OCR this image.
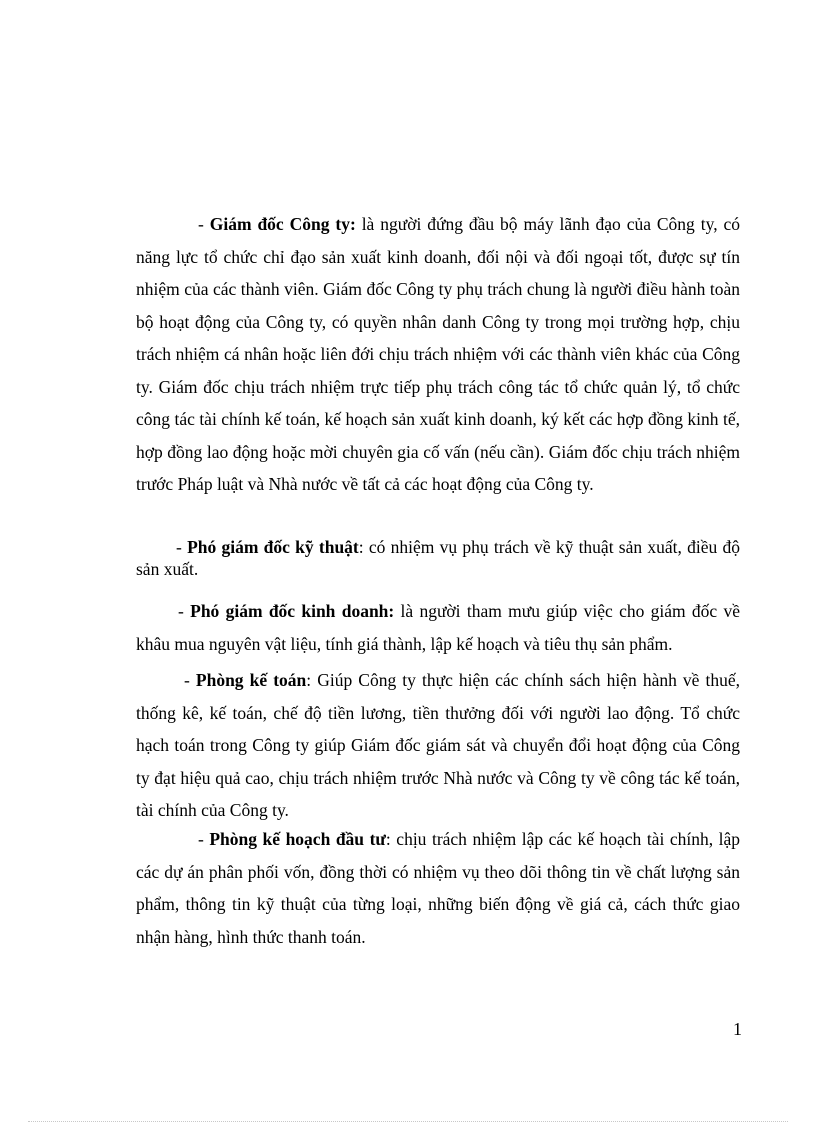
- Giám đốc Công ty: là người đứng đầu bộ máy lãnh đạo của Công ty, có năng lực tổ chức chỉ đạo sản xuất kinh doanh, đối nội và đối ngoại tốt, được sự tín nhiệm của các thành viên. Giám đốc Công ty phụ trách chung là người điều hành toàn bộ hoạt động của Công ty, có quyền nhân danh Công ty trong mọi trường hợp, chịu trách nhiệm cá nhân hoặc liên đới chịu trách nhiệm với các thành viên khác của Công ty. Giám đốc chịu trách nhiệm trực tiếp phụ trách công tác tổ chức quản lý, tổ chức công tác tài chính kế toán, kế hoạch sản xuất kinh doanh, ký kết các hợp đồng kinh tế, hợp đồng lao động hoặc mời chuyên gia cố vấn (nếu cần). Giám đốc chịu trách nhiệm trước Pháp luật và Nhà nước về tất cả các hoạt động của Công ty.

- Phó giám đốc kỹ thuật: có nhiệm vụ phụ trách về kỹ thuật sản xuất, điều độ sản xuất.

- Phó giám đốc kinh doanh: là người tham mưu giúp việc cho giám đốc về khâu mua nguyên vật liệu, tính giá thành, lập kế hoạch và tiêu thụ sản phẩm.

- Phòng kế toán: Giúp Công ty thực hiện các chính sách hiện hành về thuế, thống kê, kế toán, chế độ tiền lương, tiền thưởng đối với người lao động. Tổ chức hạch toán trong Công ty giúp Giám đốc giám sát và chuyển đổi hoạt động của Công ty đạt hiệu quả cao, chịu trách nhiệm trước Nhà nước và Công ty về công tác kế toán, tài chính của Công ty.

- Phòng kế hoạch đầu tư: chịu trách nhiệm lập các kế hoạch tài chính, lập các dự án phân phối vốn, đồng thời có nhiệm vụ theo dõi thông tin về chất lượng sản phẩm, thông tin kỹ thuật của từng loại, những biến động về giá cả, cách thức giao nhận hàng, hình thức thanh toán.

1
